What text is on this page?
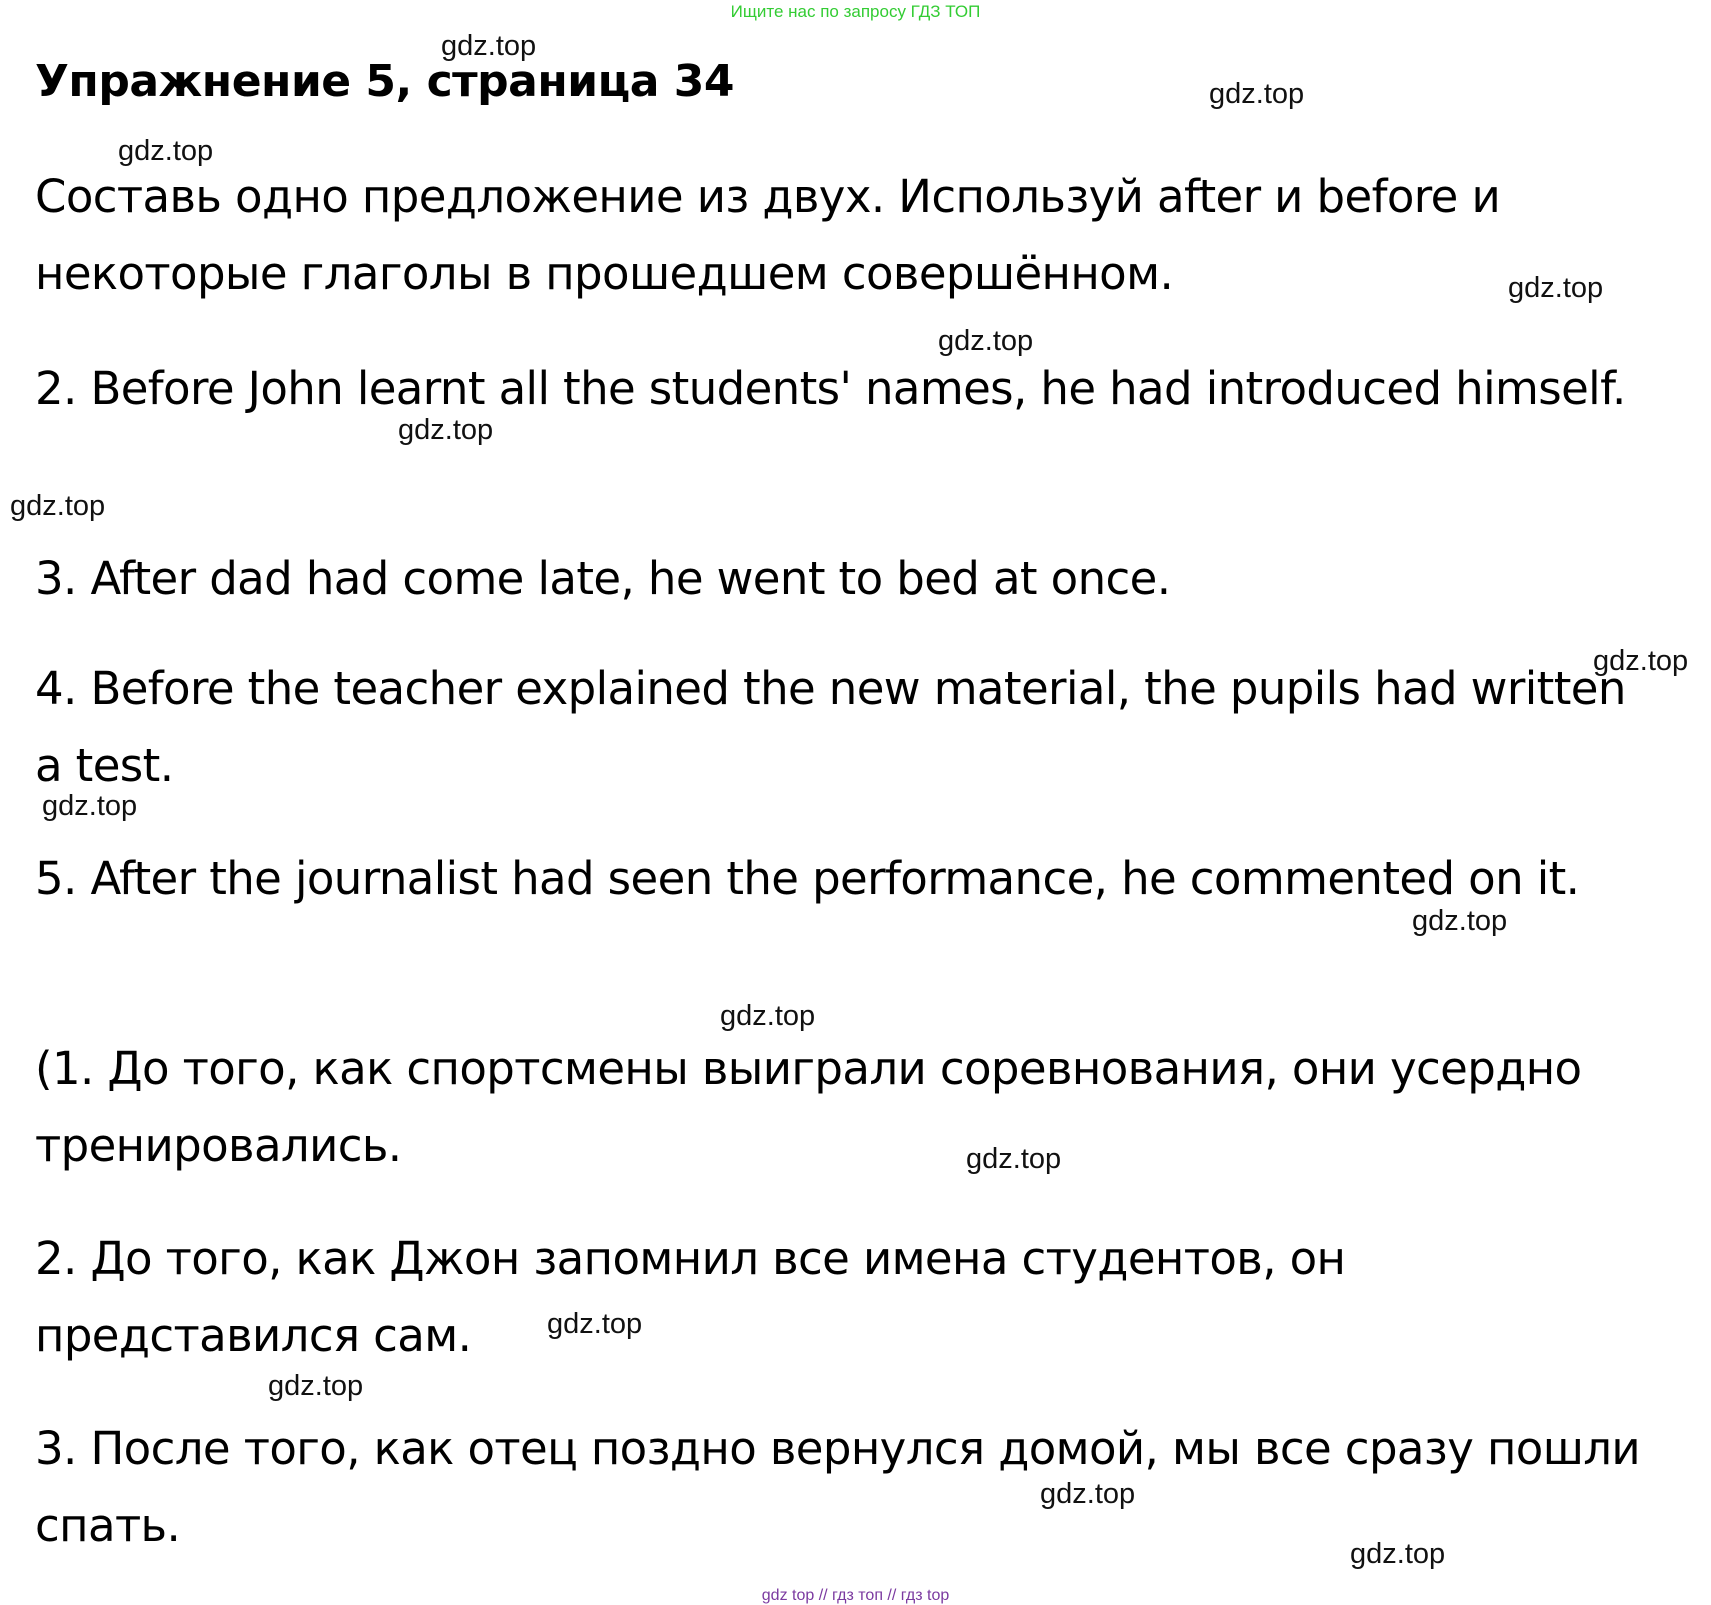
Ищите нас по запросу ГДЗ ТОП
Упражнение 5, страница 34

Составь одно предложение из двух. Используй after и before и некоторые глаголы в прошедшем совершённом.

2. Before John learnt all the students' names, he had introduced himself.

3. After dad had come late, he went to bed at once.

4. Before the teacher explained the new material, the pupils had written a test.

5. After the journalist had seen the performance, he commented on it.

(1. До того, как спортсмены выиграли соревнования, они усердно тренировались.

2. До того, как Джон запомнил все имена студентов, он представился сам.

3. После того, как отец поздно вернулся домой, мы все сразу пошли спать.

gdz.top
gdz.top
gdz.top
gdz.top
gdz.top
gdz.top
gdz.top
gdz.top
gdz.top
gdz.top
gdz.top
gdz.top
gdz.top
gdz.top
gdz.top
gdz.top
gdz top // гдз топ // гдз top
